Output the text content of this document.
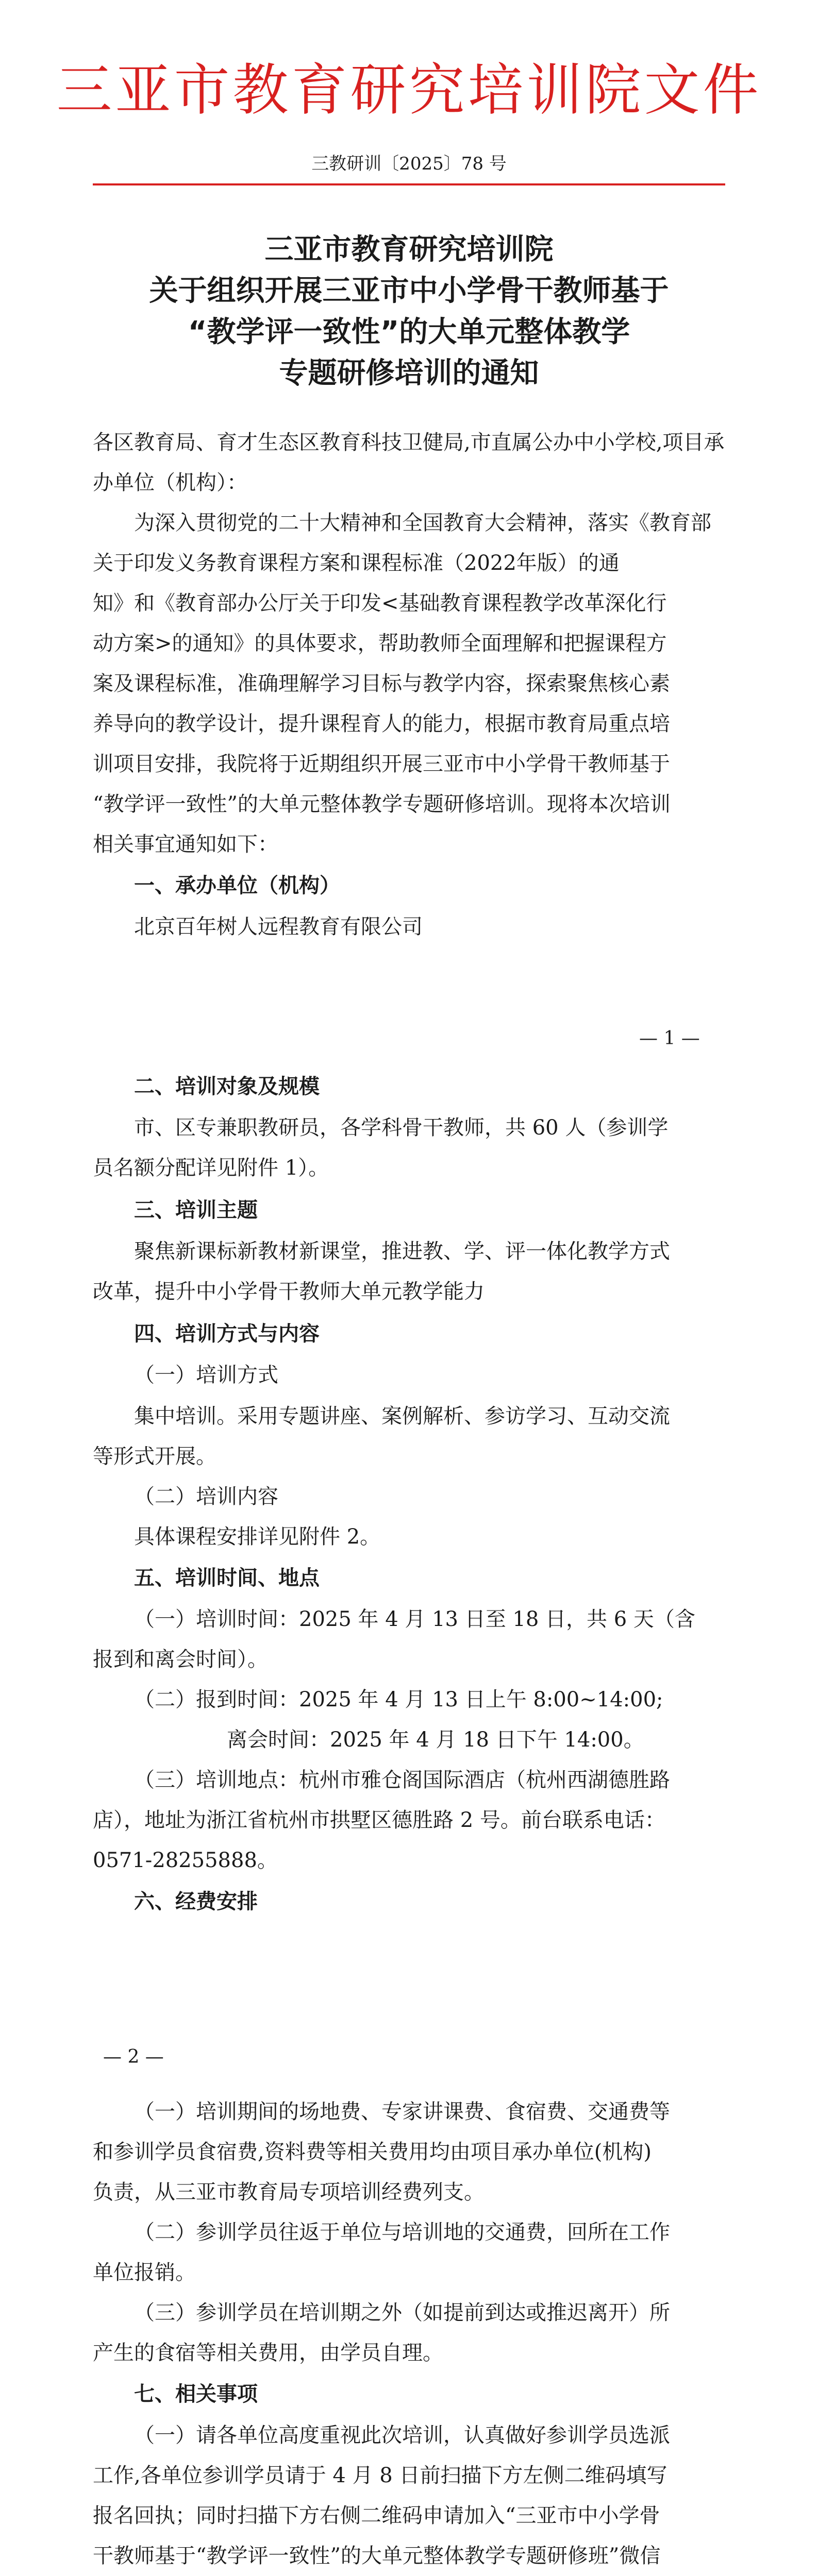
三亚市教育研究培训院文件
三教研训〔2025〕78 号
三亚市教育研究培训院
关于组织开展三亚市中小学骨干教师基于
“教学评一致性”的大单元整体教学
专题研修培训的通知
各区教育局、育才生态区教育科技卫健局,市直属公办中小学校,项目承办单位（机构）：
为深入贯彻党的二十大精神和全国教育大会精神，落实《教育部关于印发义务教育课程方案和课程标准（2022年版）的通
知》和《教育部办公厅关于印发<基础教育课程教学改革深化行
动方案>的通知》的具体要求，帮助教师全面理解和把握课程方
案及课程标准，准确理解学习目标与教学内容，探索聚焦核心素
养导向的教学设计，提升课程育人的能力，根据市教育局重点培
训项目安排，我院将于近期组织开展三亚市中小学骨干教师基于
“教学评一致性”的大单元整体教学专题研修培训。现将本次培训
相关事宜通知如下：
一、承办单位（机构）
北京百年树人远程教育有限公司
— 1 —
二、培训对象及规模
市、区专兼职教研员，各学科骨干教师，共 60 人（参训学
员名额分配详见附件 1）。
三、培训主题
聚焦新课标新教材新课堂，推进教、学、评一体化教学方式
改革，提升中小学骨干教师大单元教学能力
四、培训方式与内容
（一）培训方式
集中培训。采用专题讲座、案例解析、参访学习、互动交流
等形式开展。
（二）培训内容
具体课程安排详见附件 2。
五、培训时间、地点
（一）培训时间：2025 年 4 月 13 日至 18 日，共 6 天（含
报到和离会时间）。
（二）报到时间：2025 年 4 月 13 日上午 8:00~14:00;
离会时间：2025 年 4 月 18 日下午 14:00。
（三）培训地点：杭州市雅仓阁国际酒店（杭州西湖德胜路
店），地址为浙江省杭州市拱墅区德胜路 2 号。前台联系电话：
0571-28255888。
六、经费安排
— 2 —
（一）培训期间的场地费、专家讲课费、食宿费、交通费等
和参训学员食宿费,资料费等相关费用均由项目承办单位(机构)
负责，从三亚市教育局专项培训经费列支。
（二）参训学员往返于单位与培训地的交通费，回所在工作
单位报销。
（三）参训学员在培训期之外（如提前到达或推迟离开）所
产生的食宿等相关费用，由学员自理。
七、相关事项
（一）请各单位高度重视此次培训，认真做好参训学员选派
工作,各单位参训学员请于 4 月 8 日前扫描下方左侧二维码填写
报名回执；同时扫描下方右侧二维码申请加入“三亚市中小学骨
干教师基于“教学评一致性”的大单元整体教学专题研修班”微信
